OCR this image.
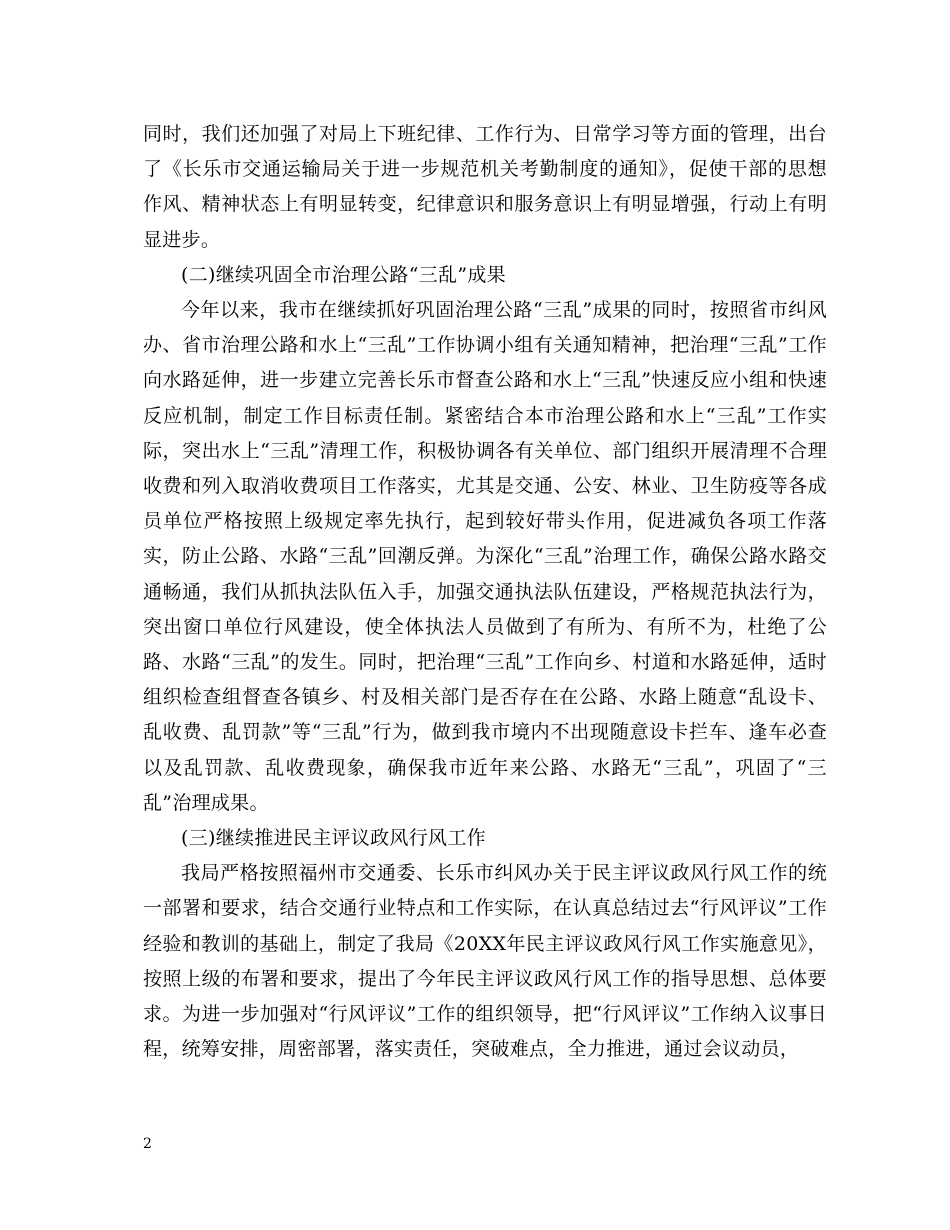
同时，我们还加强了对局上下班纪律、工作行为、日常学习等方面的管理，出台了《长乐市交通运输局关于进一步规范机关考勤制度的通知》，促使干部的思想作风、精神状态上有明显转变，纪律意识和服务意识上有明显增强，行动上有明显进步。

(二)继续巩固全市治理公路“三乱”成果

今年以来，我市在继续抓好巩固治理公路“三乱”成果的同时，按照省市纠风办、省市治理公路和水上“三乱”工作协调小组有关通知精神，把治理“三乱”工作向水路延伸，进一步建立完善长乐市督查公路和水上“三乱”快速反应小组和快速反应机制，制定工作目标责任制。紧密结合本市治理公路和水上“三乱”工作实际，突出水上“三乱”清理工作，积极协调各有关单位、部门组织开展清理不合理收费和列入取消收费项目工作落实，尤其是交通、公安、林业、卫生防疫等各成员单位严格按照上级规定率先执行，起到较好带头作用，促进减负各项工作落实，防止公路、水路“三乱”回潮反弹。为深化“三乱”治理工作，确保公路水路交通畅通，我们从抓执法队伍入手，加强交通执法队伍建设，严格规范执法行为，突出窗口单位行风建设，使全体执法人员做到了有所为、有所不为，杜绝了公路、水路“三乱”的发生。同时，把治理“三乱”工作向乡、村道和水路延伸，适时组织检查组督查各镇乡、村及相关部门是否存在在公路、水路上随意“乱设卡、乱收费、乱罚款”等“三乱”行为，做到我市境内不出现随意设卡拦车、逢车必查以及乱罚款、乱收费现象，确保我市近年来公路、水路无“三乱”，巩固了“三乱”治理成果。

(三)继续推进民主评议政风行风工作

我局严格按照福州市交通委、长乐市纠风办关于民主评议政风行风工作的统一部署和要求，结合交通行业特点和工作实际，在认真总结过去“行风评议”工作经验和教训的基础上，制定了我局《20XX年民主评议政风行风工作实施意见》，按照上级的布署和要求，提出了今年民主评议政风行风工作的指导思想、总体要求。为进一步加强对“行风评议”工作的组织领导，把“行风评议”工作纳入议事日程，统筹安排，周密部署，落实责任，突破难点，全力推进，通过会议动员，

2
